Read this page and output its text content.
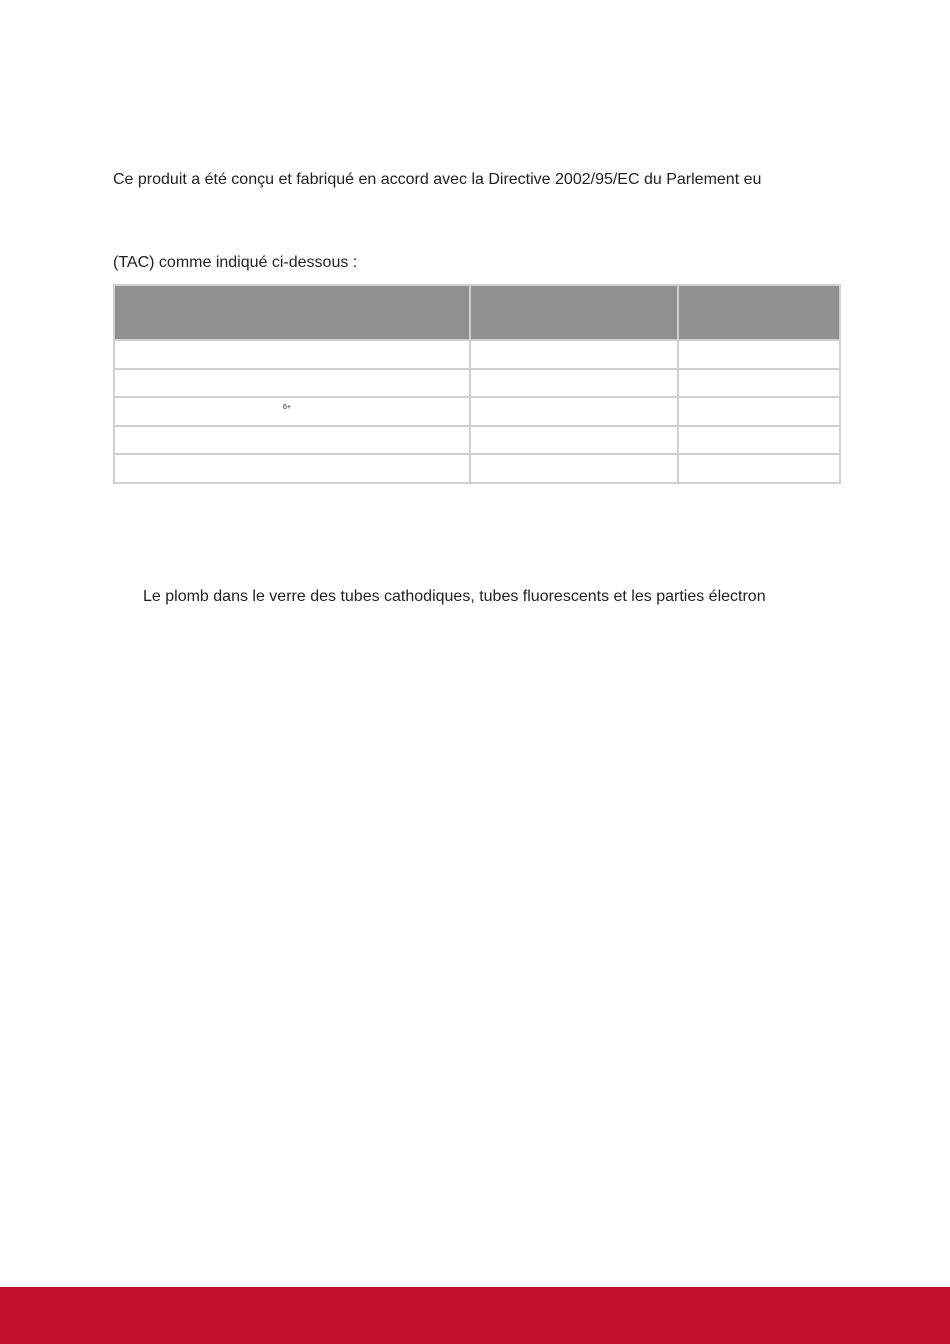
Ce produit a été conçu et fabriqué en accord avec la Directive 2002/95/EC du Parlement eu

(TAC) comme indiqué ci-dessous :

6+		

Le plomb dans le verre des tubes cathodiques, tubes fluorescents et les parties électron
